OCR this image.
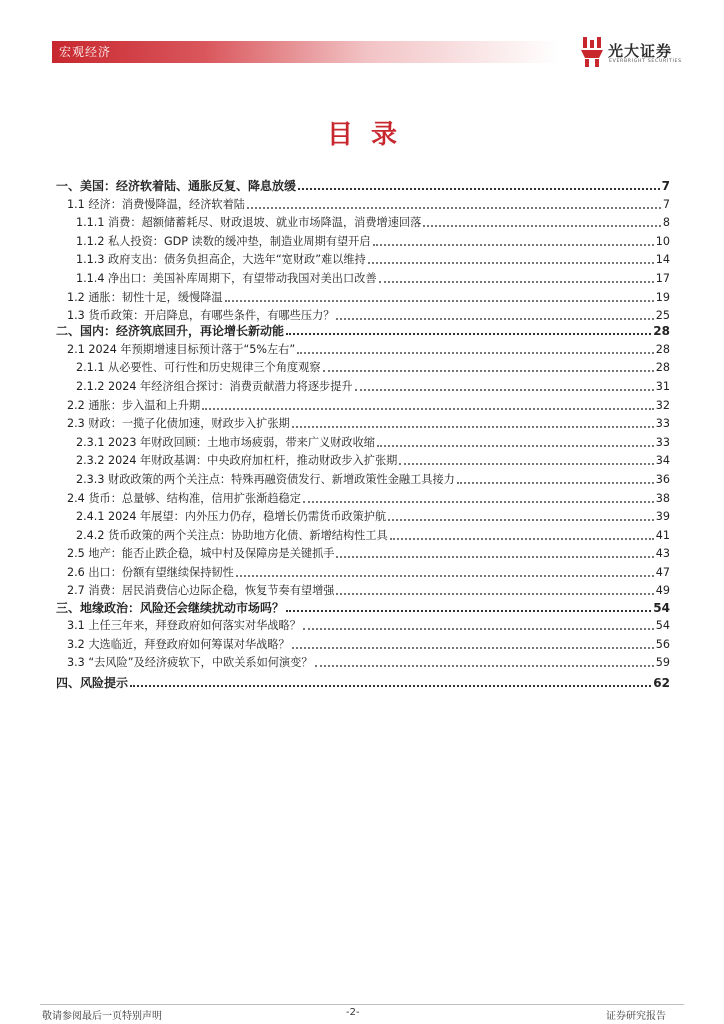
宏观经济	光大证券
EVERBRIGHT SECURITIES
目录
一、美国：经济软着陆、通胀反复、降息放缓	7
1.1 经济：消费慢降温，经济软着陆	7
1.1.1 消费：超额储蓄耗尽、财政退坡、就业市场降温，消费增速回落	8
1.1.2 私人投资：GDP 读数的缓冲垫，制造业周期有望开启	10
1.1.3 政府支出：债务负担高企，大选年“宽财政”难以维持	14
1.1.4 净出口：美国补库周期下，有望带动我国对美出口改善	17
1.2 通胀：韧性十足，缓慢降温	19
1.3 货币政策：开启降息，有哪些条件，有哪些压力？	25
二、国内：经济筑底回升，再论增长新动能	28
2.1 2024 年预期增速目标预计落于“5%左右”	28
2.1.1 从必要性、可行性和历史规律三个角度观察	28
2.1.2 2024 年经济组合探讨：消费贡献潜力将逐步提升	31
2.2 通胀：步入温和上升期	32
2.3 财政：一揽子化债加速，财政步入扩张期	33
2.3.1 2023 年财政回顾：土地市场疲弱，带来广义财政收缩	33
2.3.2 2024 年财政基调：中央政府加杠杆，推动财政步入扩张期	34
2.3.3 财政政策的两个关注点：特殊再融资债发行、新增政策性金融工具接力	36
2.4 货币：总量够、结构准，信用扩张渐趋稳定	38
2.4.1 2024 年展望：内外压力仍存，稳增长仍需货币政策护航	39
2.4.2 货币政策的两个关注点：协助地方化债、新增结构性工具	41
2.5 地产：能否止跌企稳，城中村及保障房是关键抓手	43
2.6 出口：份额有望继续保持韧性	47
2.7 消费：居民消费信心边际企稳，恢复节奏有望增强	49
三、地缘政治：风险还会继续扰动市场吗？	54
3.1 上任三年来，拜登政府如何落实对华战略？	54
3.2 大选临近，拜登政府如何筹谋对华战略？	56
3.3 “去风险”及经济疲软下，中欧关系如何演变？	59
四、风险提示	62
敬请参阅最后一页特别声明	-2-	证券研究报告
